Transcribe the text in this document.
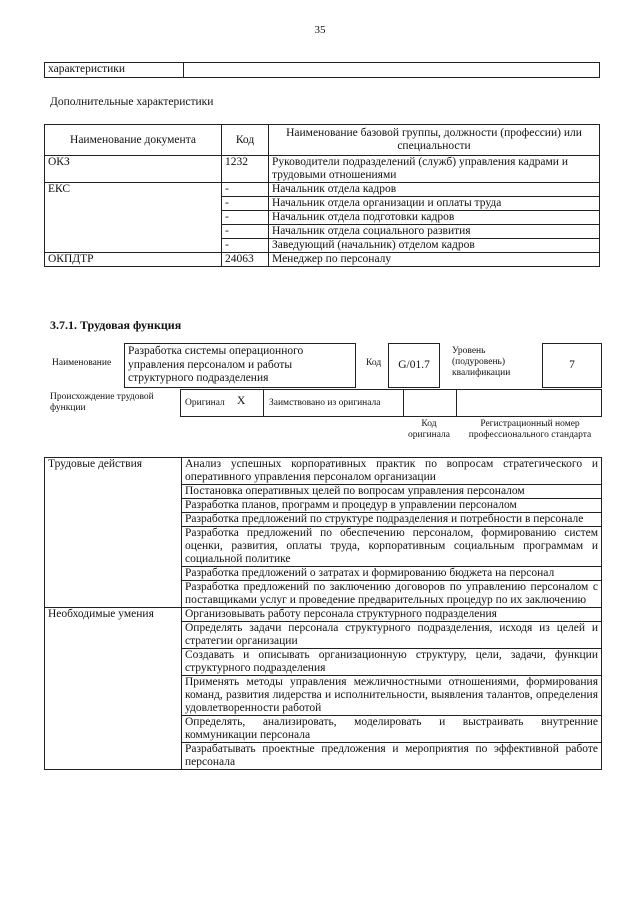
35
характеристики	
Дополнительные характеристики
Наименование документа	Код	Наименование базовой группы, должности (профессии) или специальности
ОКЗ	1232	Руководители подразделений (служб) управления кадрами и трудовыми отношениями
ЕКС	-	Начальник отдела кадров
	-	Начальник отдела организации и оплаты труда
	-	Начальник отдела подготовки кадров
	-	Начальник отдела социального развития
	-	Заведующий (начальник) отделом кадров
ОКПДТР	24063	Менеджер по персоналу
3.7.1. Трудовая функция
Наименование
Разработка системы операционного управления персоналом и работы структурного подразделения
Код	G/01.7
Уровень (подуровень) квалификации
7
Происхождение трудовой функции	Оригинал X Заимствовано из оригинала
Код оригинала
Регистрационный номер профессионального стандарта
Трудовые действия	Анализ успешных корпоративных практик по вопросам стратегического и оперативного управления персоналом организации
	Постановка оперативных целей по вопросам управления персоналом
	Разработка планов, программ и процедур в управлении персоналом
	Разработка предложений по структуре подразделения и потребности в персонале
	Разработка предложений по обеспечению персоналом, формированию систем оценки, развития, оплаты труда, корпоративным социальным программам и социальной политике
	Разработка предложений о затратах и формированию бюджета на персонал
	Разработка предложений по заключению договоров по управлению персоналом с поставщиками услуг и проведение предварительных процедур по их заключению
Необходимые умения	Организовывать работу персонала структурного подразделения
	Определять задачи персонала структурного подразделения, исходя из целей и стратегии организации
	Создавать и описывать организационную структуру, цели, задачи, функции структурного подразделения
	Применять методы управления межличностными отношениями, формирования команд, развития лидерства и исполнительности, выявления талантов, определения удовлетворенности работой
	Определять, анализировать, моделировать и выстраивать внутренние коммуникации персонала
	Разрабатывать проектные предложения и мероприятия по эффективной работе персонала
